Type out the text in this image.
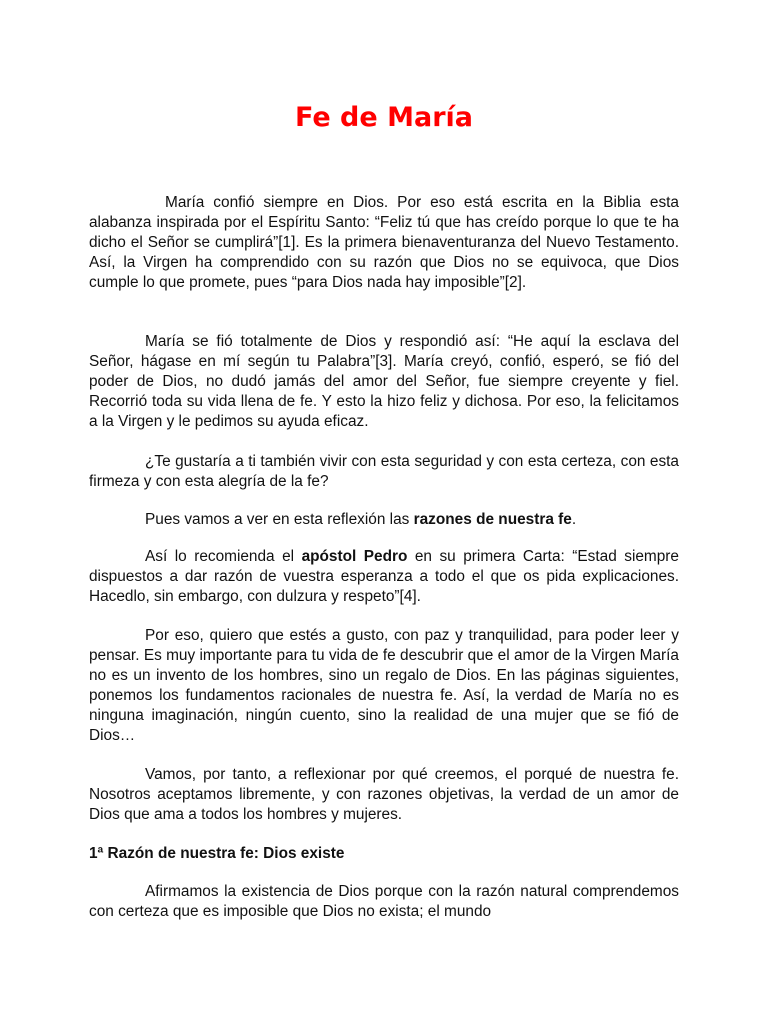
Fe de María

María confió siempre en Dios. Por eso está escrita en la Biblia esta alabanza inspirada por el Espíritu Santo: “Feliz tú que has creído porque lo que te ha dicho el Señor se cumplirá”[1]. Es la primera bienaventuranza del Nuevo Testamento. Así, la Virgen ha comprendido con su razón que Dios no se equivoca, que Dios cumple lo que promete, pues “para Dios nada hay imposible”[2].

María se fió totalmente de Dios y respondió así: “He aquí la esclava del Señor, hágase en mí según tu Palabra”[3]. María creyó, confió, esperó, se fió del poder de Dios, no dudó jamás del amor del Señor, fue siempre creyente y fiel. Recorrió toda su vida llena de fe. Y esto la hizo feliz y dichosa. Por eso, la felicitamos a la Virgen y le pedimos su ayuda eficaz.

¿Te gustaría a ti también vivir con esta seguridad y con esta certeza, con esta firmeza y con esta alegría de la fe?

Pues vamos a ver en esta reflexión las razones de nuestra fe.

Así lo recomienda el apóstol Pedro en su primera Carta: “Estad siempre dispuestos a dar razón de vuestra esperanza a todo el que os pida explicaciones. Hacedlo, sin embargo, con dulzura y respeto”[4].

Por eso, quiero que estés a gusto, con paz y tranquilidad, para poder leer y pensar. Es muy importante para tu vida de fe descubrir que el amor de la Virgen María no es un invento de los hombres, sino un regalo de Dios. En las páginas siguientes, ponemos los fundamentos racionales de nuestra fe. Así, la verdad de María no es ninguna imaginación, ningún cuento, sino la realidad de una mujer que se fió de Dios…

Vamos, por tanto, a reflexionar por qué creemos, el porqué de nuestra fe. Nosotros aceptamos libremente, y con razones objetivas, la verdad de un amor de Dios que ama a todos los hombres y mujeres.

1ª Razón de nuestra fe: Dios existe

Afirmamos la existencia de Dios porque con la razón natural comprendemos con certeza que es imposible que Dios no exista; el mundo
